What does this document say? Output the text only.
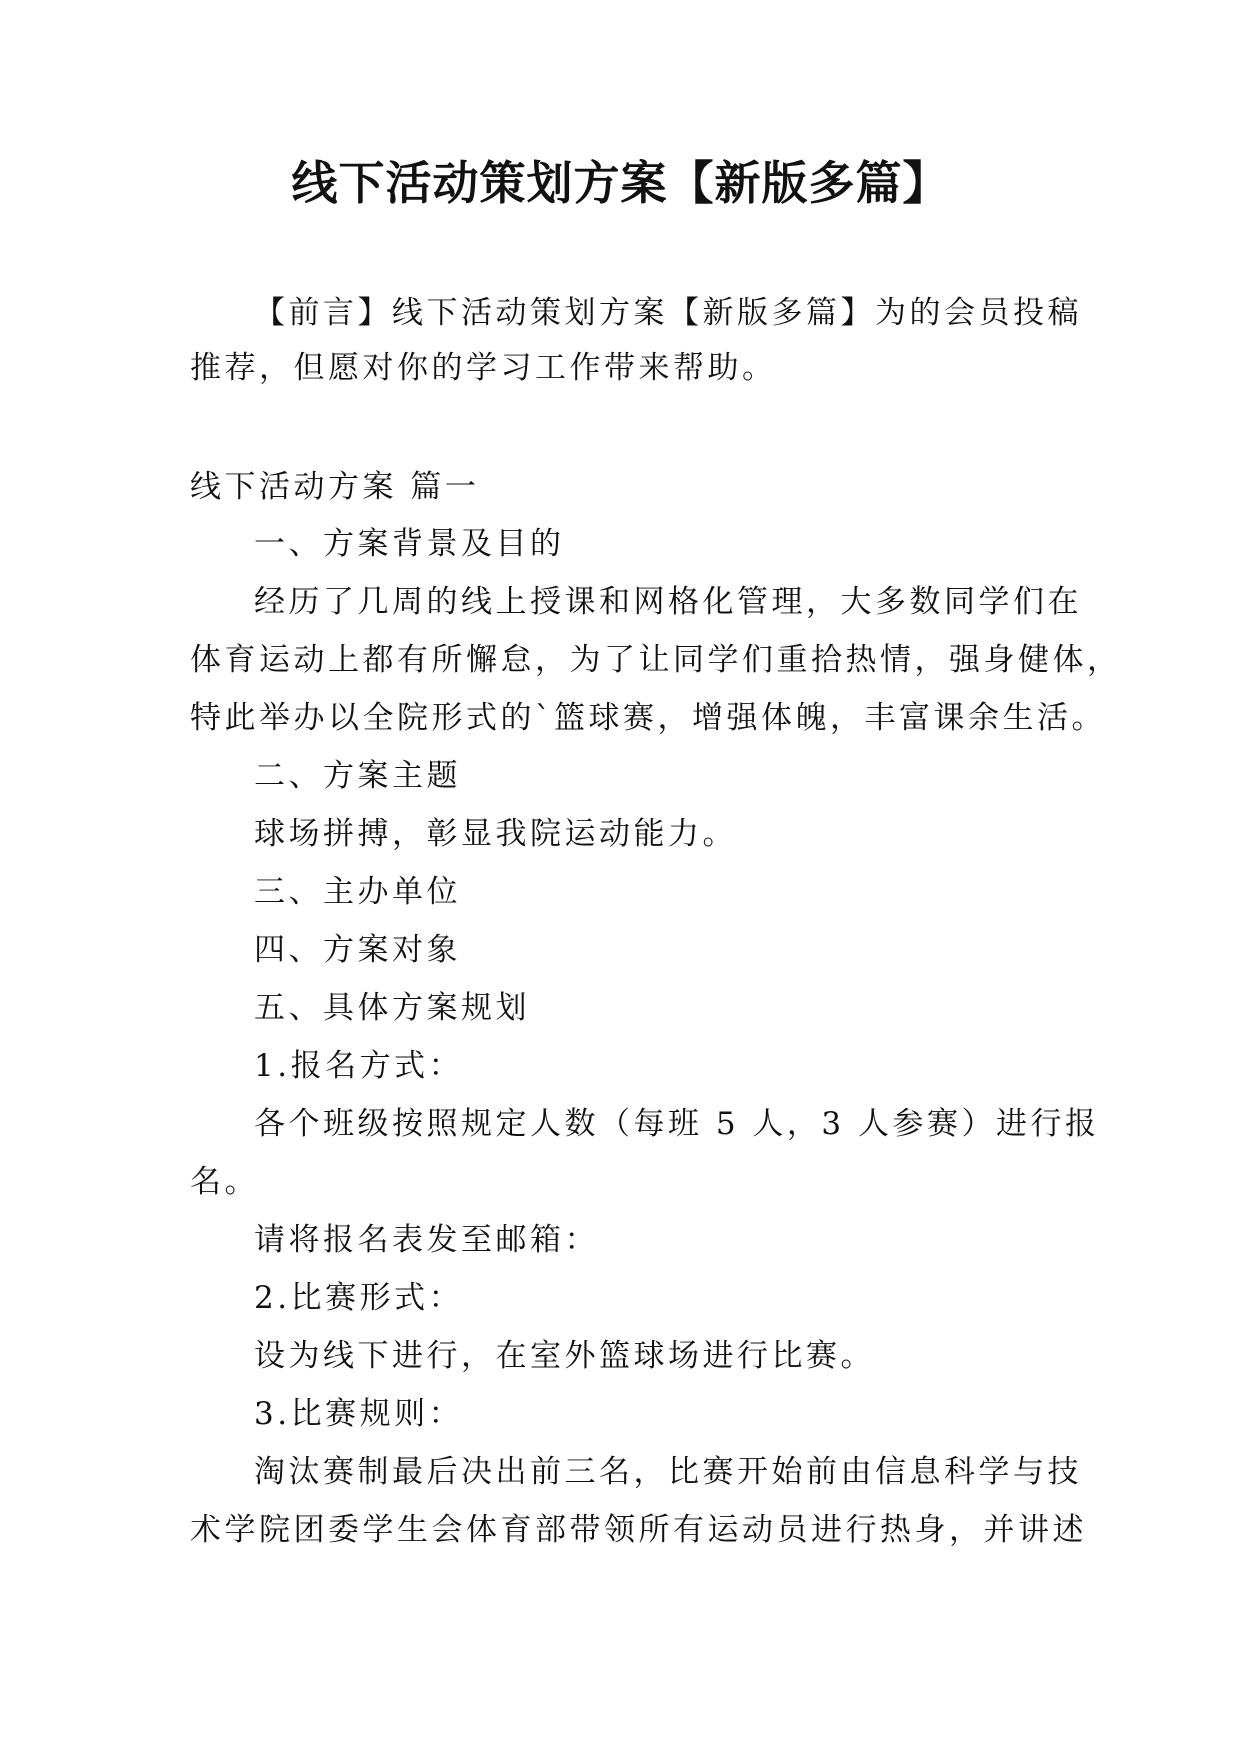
线下活动策划方案【新版多篇】

【前言】线下活动策划方案【新版多篇】为的会员投稿

推荐，但愿对你的学习工作带来帮助。

线下活动方案 篇一

一、方案背景及目的

经历了几周的线上授课和网格化管理，大多数同学们在

体育运动上都有所懈怠，为了让同学们重拾热情，强身健体，

特此举办以全院形式的`篮球赛，增强体魄，丰富课余生活。

二、方案主题

球场拼搏，彰显我院运动能力。

三、主办单位

四、方案对象

五、具体方案规划

1.报名方式：

各个班级按照规定人数（每班 5 人，3 人参赛）进行报

名。

请将报名表发至邮箱：

2.比赛形式：

设为线下进行，在室外篮球场进行比赛。

3.比赛规则：

淘汰赛制最后决出前三名，比赛开始前由信息科学与技

术学院团委学生会体育部带领所有运动员进行热身，并讲述
